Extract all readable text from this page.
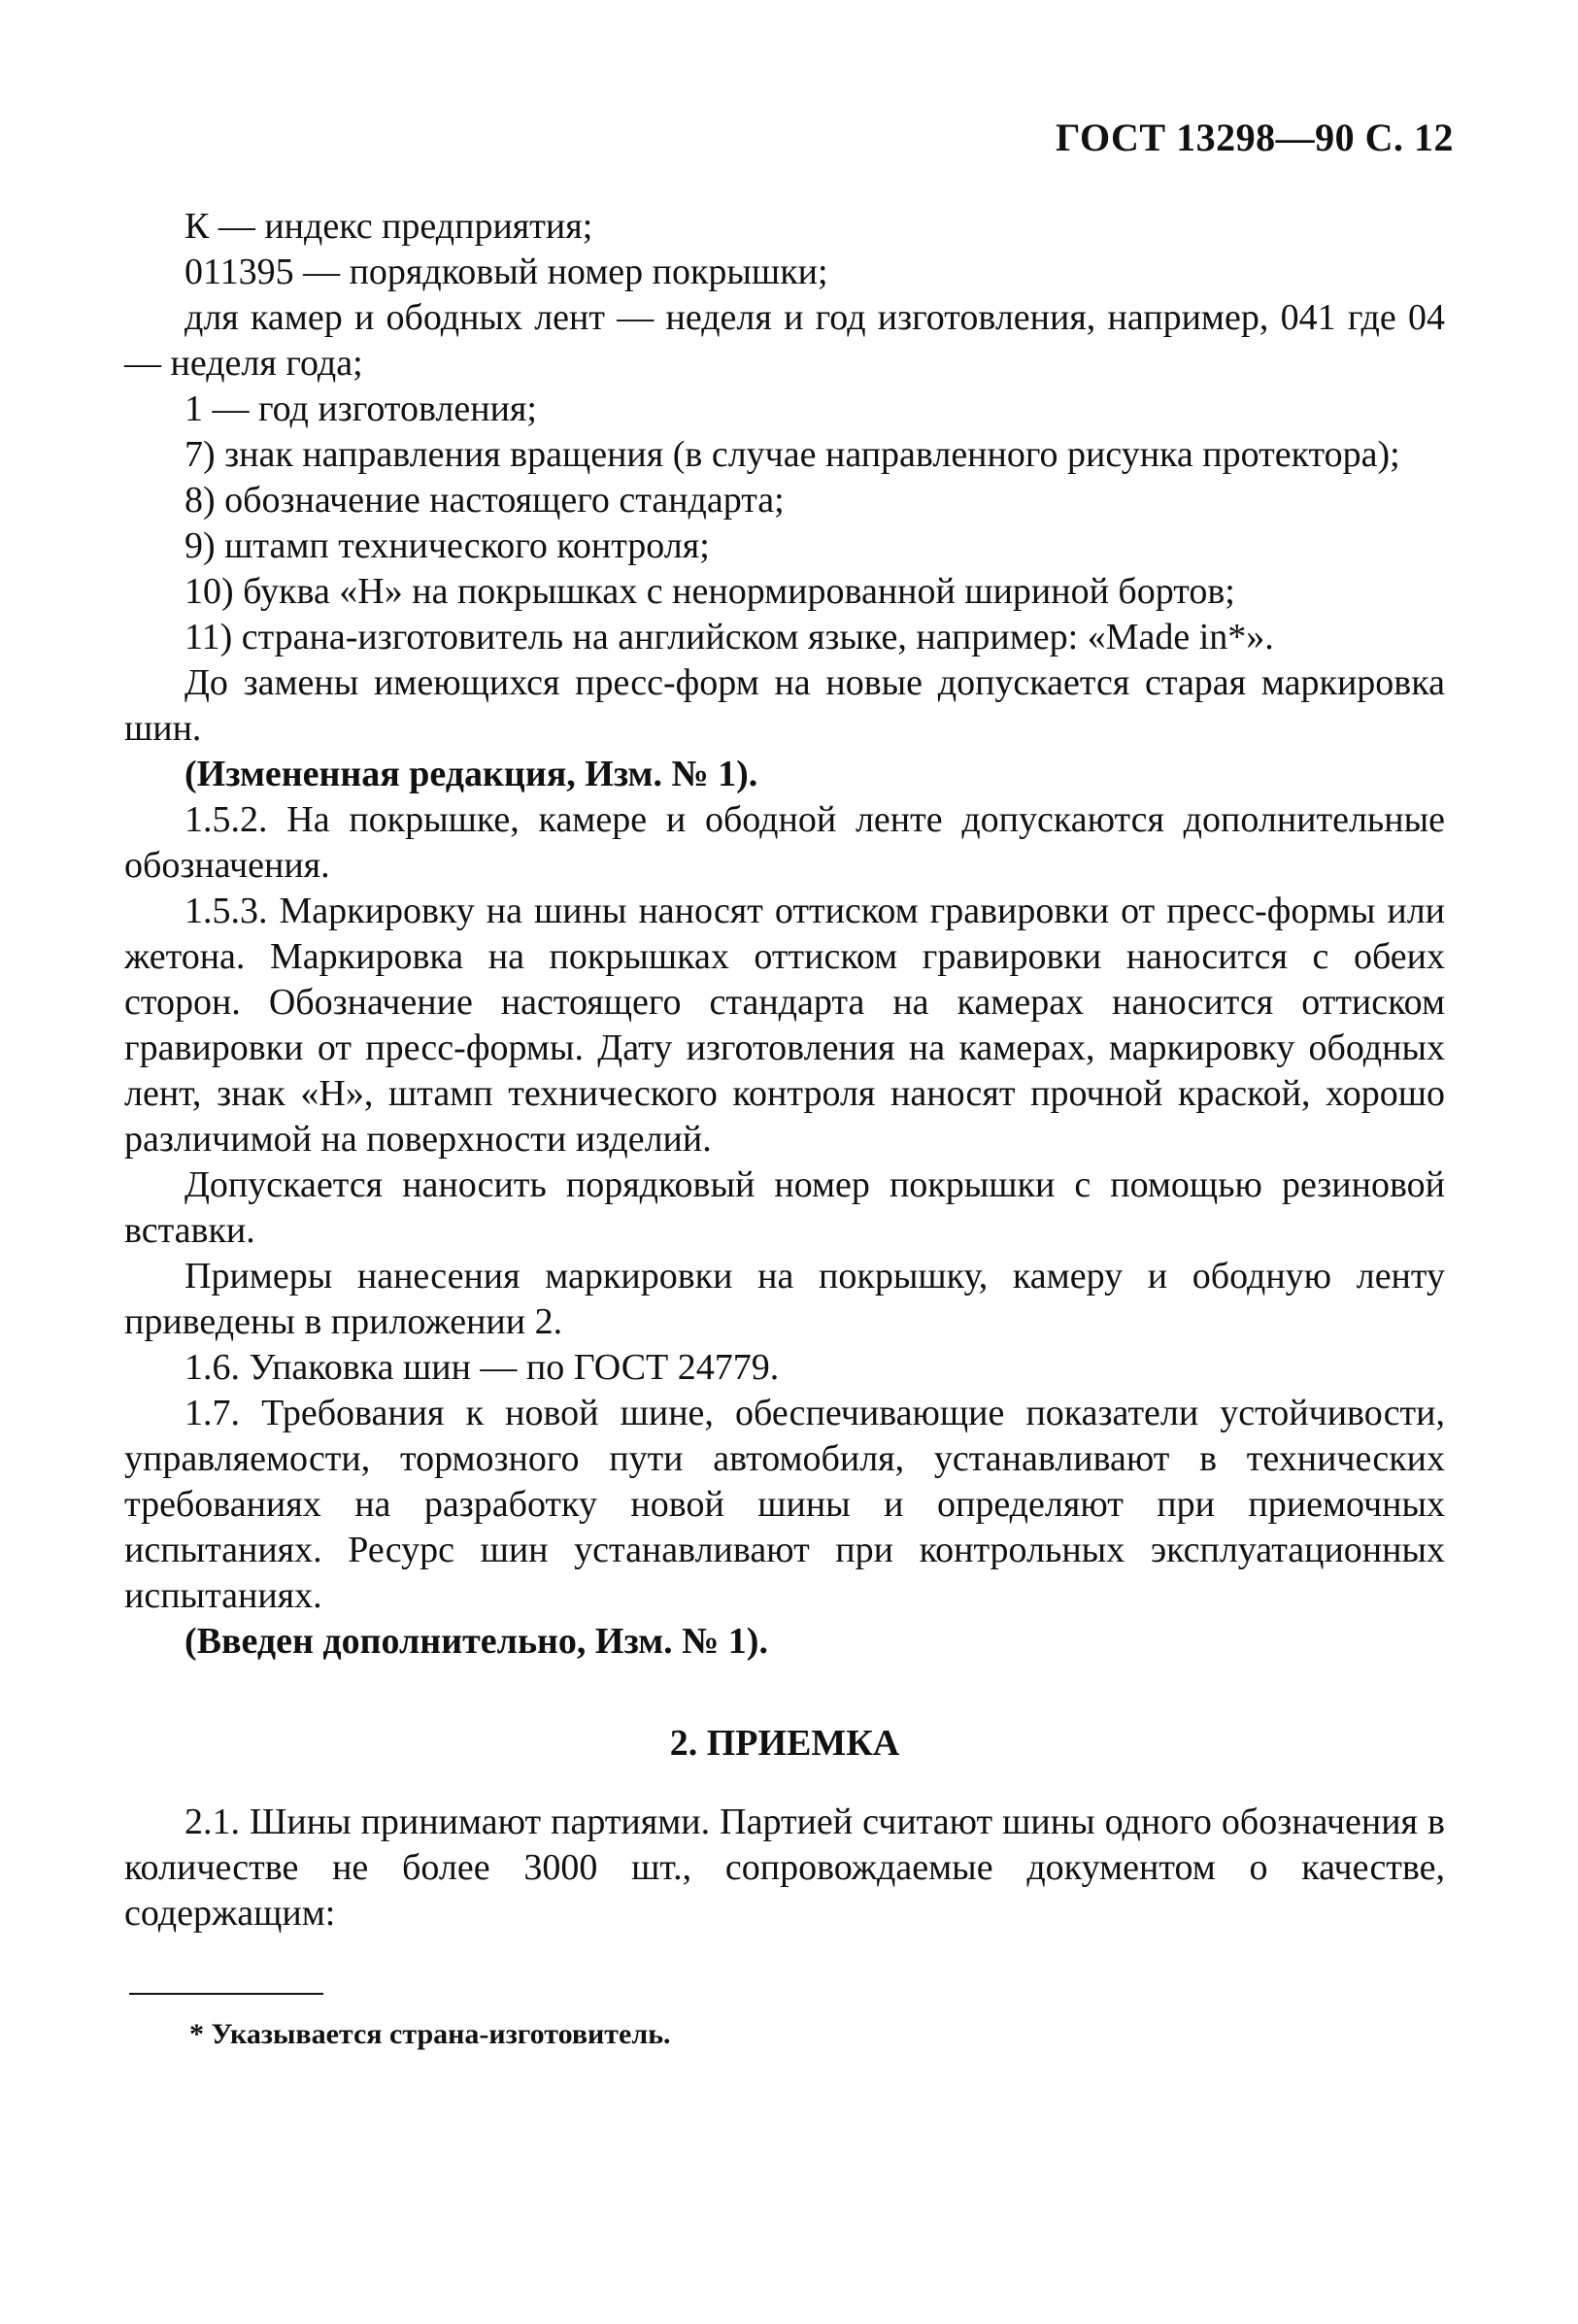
ГОСТ 13298—90 С. 12

К — индекс предприятия;

011395 — порядковый номер покрышки;

для камер и ободных лент — неделя и год изготовления, например, 041 где 04 — неделя года;

1 — год изготовления;

7) знак направления вращения (в случае направленного рисунка протектора);

8) обозначение настоящего стандарта;

9) штамп технического контроля;

10) буква «Н» на покрышках с ненормированной шириной бортов;

11) страна-изготовитель на английском языке, например: «Made in*».

До замены имеющихся пресс-форм на новые допускается старая маркировка шин.

(Измененная редакция, Изм. № 1).

1.5.2. На покрышке, камере и ободной ленте допускаются дополнительные обозначения.

1.5.3. Маркировку на шины наносят оттиском гравировки от пресс-формы или жетона. Маркировка на покрышках оттиском гравировки наносится с обеих сторон. Обозначение настоящего стандарта на камерах наносится оттиском гравировки от пресс-формы. Дату изготовления на камерах, маркировку ободных лент, знак «Н», штамп технического контроля наносят прочной краской, хорошо различимой на поверхности изделий.

Допускается наносить порядковый номер покрышки с помощью резиновой вставки.

Примеры нанесения маркировки на покрышку, камеру и ободную ленту приведены в приложении 2.

1.6. Упаковка шин — по ГОСТ 24779.

1.7. Требования к новой шине, обеспечивающие показатели устойчивости, управляемости, тормозного пути автомобиля, устанавливают в технических требованиях на разработку новой шины и определяют при приемочных испытаниях. Ресурс шин устанавливают при контрольных эксплуатационных испытаниях.

(Введен дополнительно, Изм. № 1).

2. ПРИЕМКА

2.1. Шины принимают партиями. Партией считают шины одного обозначения в количестве не более 3000 шт., сопровождаемые документом о качестве, содержащим:

* Указывается страна-изготовитель.
